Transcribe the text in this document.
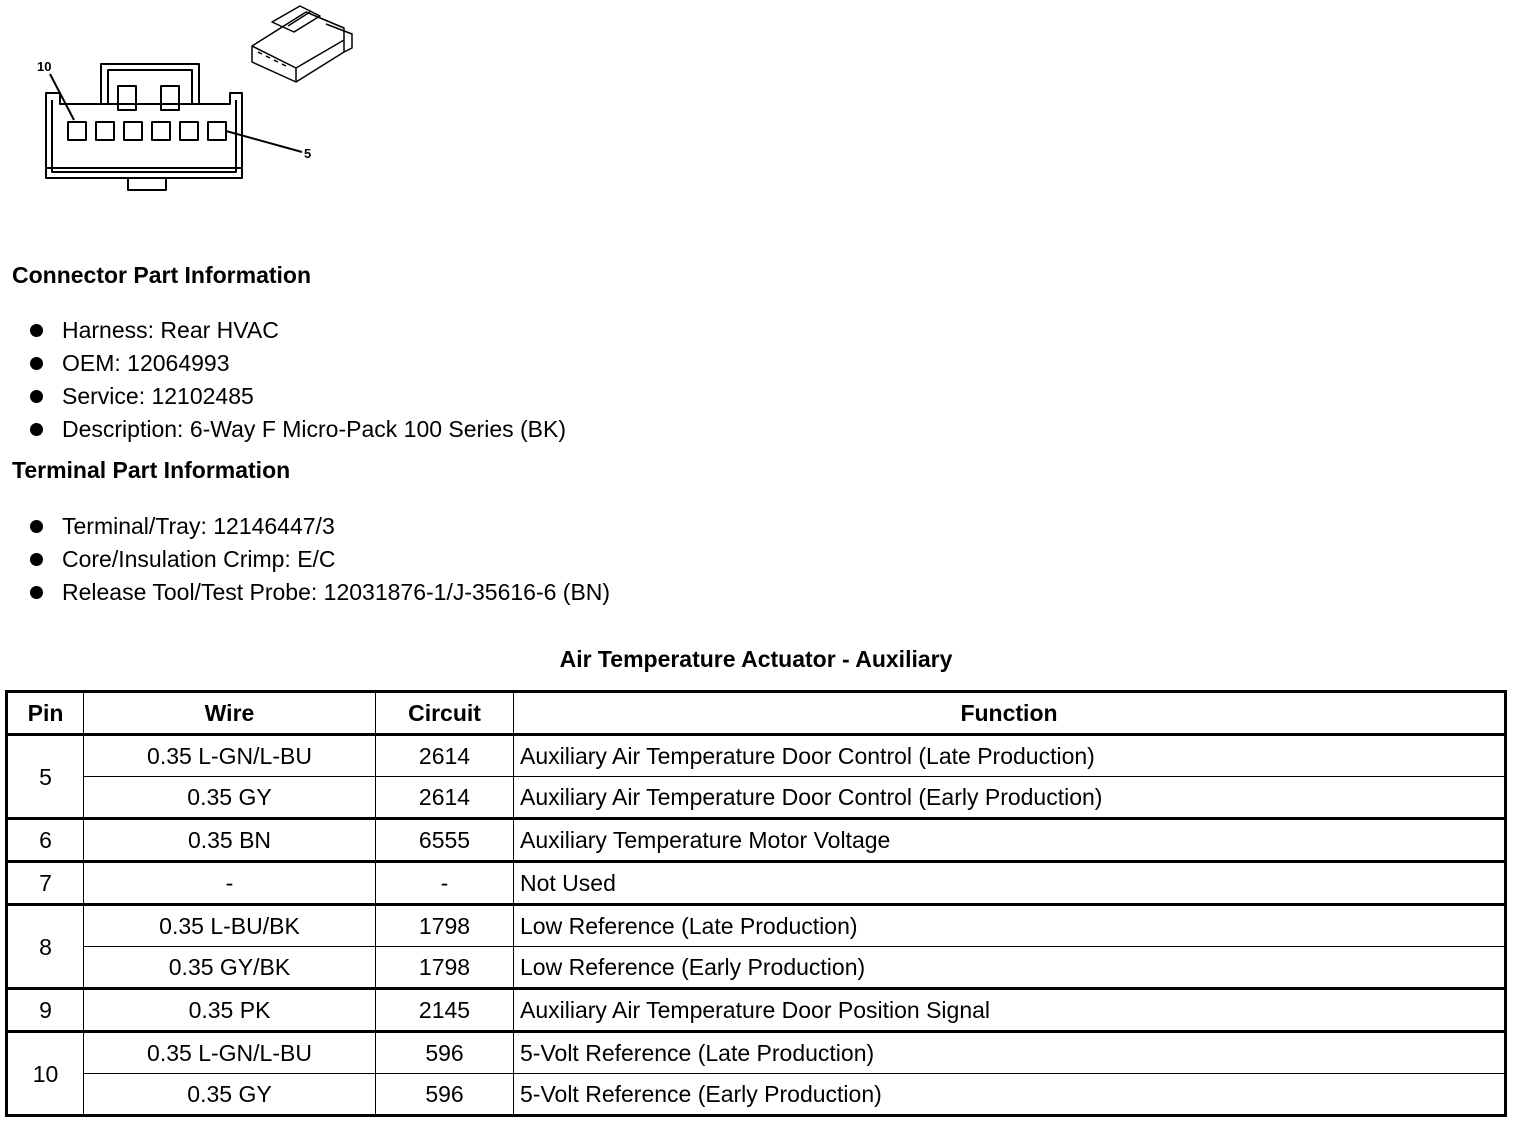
10
5
Connector Part Information
Harness: Rear HVAC
OEM: 12064993
Service: 12102485
Description: 6-Way F Micro-Pack 100 Series (BK)
Terminal Part Information
Terminal/Tray: 12146447/3
Core/Insulation Crimp: E/C
Release Tool/Test Probe: 12031876-1/J-35616-6 (BN)
Air Temperature Actuator - Auxiliary
Pin	Wire	Circuit	Function
5	0.35 L-GN/L-BU	2614	Auxiliary Air Temperature Door Control (Late Production)
	0.35 GY	2614	Auxiliary Air Temperature Door Control (Early Production)
6	0.35 BN	6555	Auxiliary Temperature Motor Voltage
7	-	-	Not Used
8	0.35 L-BU/BK	1798	Low Reference (Late Production)
	0.35 GY/BK	1798	Low Reference (Early Production)
9	0.35 PK	2145	Auxiliary Air Temperature Door Position Signal
10	0.35 L-GN/L-BU	596	5-Volt Reference (Late Production)
	0.35 GY	596	5-Volt Reference (Early Production)
